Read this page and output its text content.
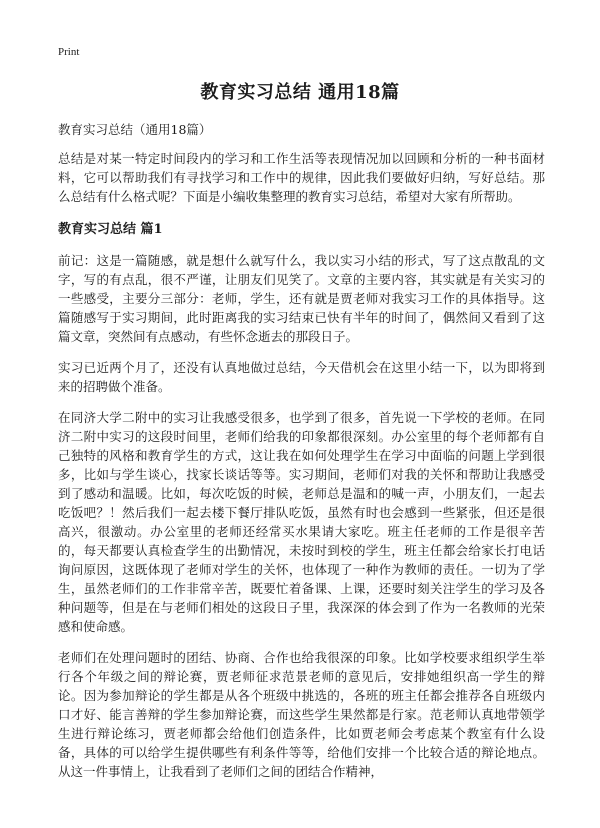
Print
教育实习总结 通用18篇

教育实习总结（通用18篇）

总结是对某一特定时间段内的学习和工作生活等表现情况加以回顾和分析的一种书面材料，它可以帮助我们有寻找学习和工作中的规律，因此我们要做好归纳，写好总结。那么总结有什么格式呢？下面是小编收集整理的教育实习总结，希望对大家有所帮助。

教育实习总结 篇1

前记：这是一篇随感，就是想什么就写什么，我以实习小结的形式，写了这点散乱的文字，写的有点乱，很不严谨，让朋友们见笑了。文章的主要内容，其实就是有关实习的一些感受，主要分三部分：老师，学生，还有就是贾老师对我实习工作的具体指导。这篇随感写于实习期间，此时距离我的实习结束已快有半年的时间了，偶然间又看到了这篇文章，突然间有点感动，有些怀念逝去的那段日子。

实习已近两个月了，还没有认真地做过总结，今天借机会在这里小结一下，以为即将到来的招聘做个准备。

在同济大学二附中的实习让我感受很多，也学到了很多，首先说一下学校的老师。在同济二附中实习的这段时间里，老师们给我的印象都很深刻。办公室里的每个老师都有自己独特的风格和教育学生的方式，这让我在如何处理学生在学习中面临的问题上学到很多，比如与学生谈心，找家长谈话等等。实习期间，老师们对我的关怀和帮助让我感受到了感动和温暖。比如，每次吃饭的时候，老师总是温和的喊一声，小朋友们，一起去吃饭吧？！然后我们一起去楼下餐厅排队吃饭，虽然有时也会感到一些紧张，但还是很高兴，很激动。办公室里的老师还经常买水果请大家吃。班主任老师的工作是很辛苦的，每天都要认真检查学生的出勤情况，未按时到校的学生，班主任都会给家长打电话询问原因，这既体现了老师对学生的关怀，也体现了一种作为教师的责任。一切为了学生，虽然老师们的工作非常辛苦，既要忙着备课、上课，还要时刻关注学生的学习及各种问题等，但是在与老师们相处的这段日子里，我深深的体会到了作为一名教师的光荣感和使命感。

老师们在处理问题时的团结、协商、合作也给我很深的印象。比如学校要求组织学生举行各个年级之间的辩论赛，贾老师征求范景老师的意见后，安排她组织高一学生的辩论。因为参加辩论的学生都是从各个班级中挑选的，各班的班主任都会推荐各自班级内口才好、能言善辩的学生参加辩论赛，而这些学生果然都是行家。范老师认真地带领学生进行辩论练习，贾老师都会给他们创造条件，比如贾老师会考虑某个教室有什么设备，具体的可以给学生提供哪些有利条件等等，给他们安排一个比较合适的辩论地点。从这一件事情上，让我看到了老师们之间的团结合作精神，
